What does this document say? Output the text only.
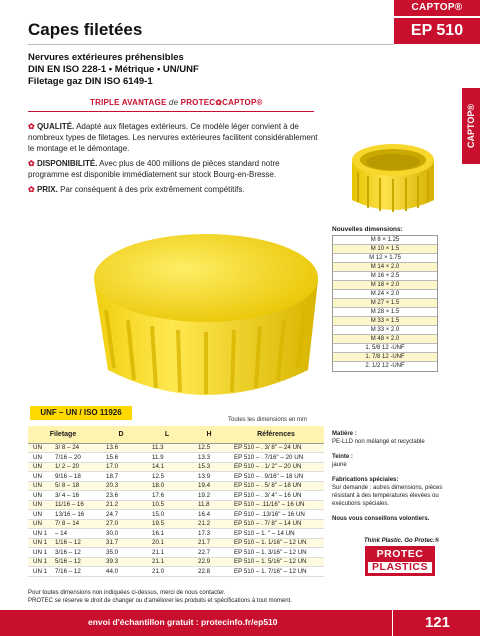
CAPTOP®
EP 510
Capes filetées
Nervures extérieures préhensibles
DIN EN ISO 228-1 • Métrique • UN/UNF
Filetage gaz DIN ISO 6149-1
CAPTOP®
TRIPLE AVANTAGE de PROTEC✿CAPTOP®
✿ QUALITÉ. Adapté aux filetages extérieurs. Ce modèle léger convient à de nombreux types de filetages. Les nervures extérieures facilitent considérablement le montage et le démontage.
✿ DISPONIBILITÉ. Avec plus de 400 millions de pièces standard notre programme est disponible immédiatement sur stock Bourg-en-Bresse.
✿ PRIX. Par conséquent à des prix extrêmement compétitifs.
Nouvelles dimensions:
M 8 × 1.25
M 10 × 1.5
M 12 × 1.75
M 14 × 2.0
M 16 × 2.5
M 18 × 2.0
M 24 × 2.0
M 27 × 1.5
M 28 × 1.5
M 33 × 1.5
M 33 × 2.0
M 48 × 2.0
1. 5/8 12 -UNF
1. 7/8 12 -UNF
2. 1/2 12 -UNF
UNF – UN / ISO 11926
Toutes les dimensions en mm
Filetage	D	L	H	Références
UN 3/ 8 – 24	13.6	11.3	12.5	EP 510 – . 3/ 8" – 24 UN
UN 7/16 – 20	15.6	11.9	13.3	EP 510 – . 7/16" – 20 UN
UN 1/ 2 – 20	17.0	14.1	15.3	EP 510 – . 1/ 2" – 20 UN
UN 9/16 – 18	18.7	12.5	13.9	EP 510 – . 9/16" – 18 UN
UN 5/ 8 – 18	20.3	18.0	19.4	EP 510 – . 5/ 8" – 18 UN
UN 3/ 4 – 16	23.6	17.6	19.2	EP 510 – . 3/ 4" – 16 UN
UN 11/16 – 16	21.2	10.5	11.8	EP 510 – .11/16" – 16 UN
UN 13/16 – 16	24.7	15.0	16.4	EP 510 – .13/16" – 16 UN
UN 7/ 8 – 14	27.0	19.5	21.2	EP 510 – . 7/ 8" – 14 UN
UN 1 – 14	30.0	16.1	17.3	EP 510 – 1. " – 14 UN
UN 1 1/16 – 12	31.7	20.1	21.7	EP 510 – 1. 1/16" – 12 UN
UN 1 3/16 – 12	35.0	21.1	22.7	EP 510 – 1. 3/16" – 12 UN
UN 1 5/16 – 12	39.3	21.1	22.9	EP 510 – 1. 5/16" – 12 UN
UN 1 7/16 – 12	44.0	21.0	22.8	EP 510 – 1. 7/16" – 12 UN
Matière :
PE-LLD non mélangé et recyclable
Teinte :
jaune
Fabrications spéciales:
Sur demande : autres dimensions, pièces résistant à des températures élevées ou exécutions spéciales.
Nous vous conseillons volontiers.
Think Plastic. Go Protec.®
PROTEC
PLASTICS
Pour toutes dimensions non indiquées ci-dessus, merci de nous contacter.
PROTEC se réserve le droit de changer ou d'améliorer les produits et spécifications à tout moment.
envoi d'échantillon gratuit : protecinfo.fr/ep510	121
